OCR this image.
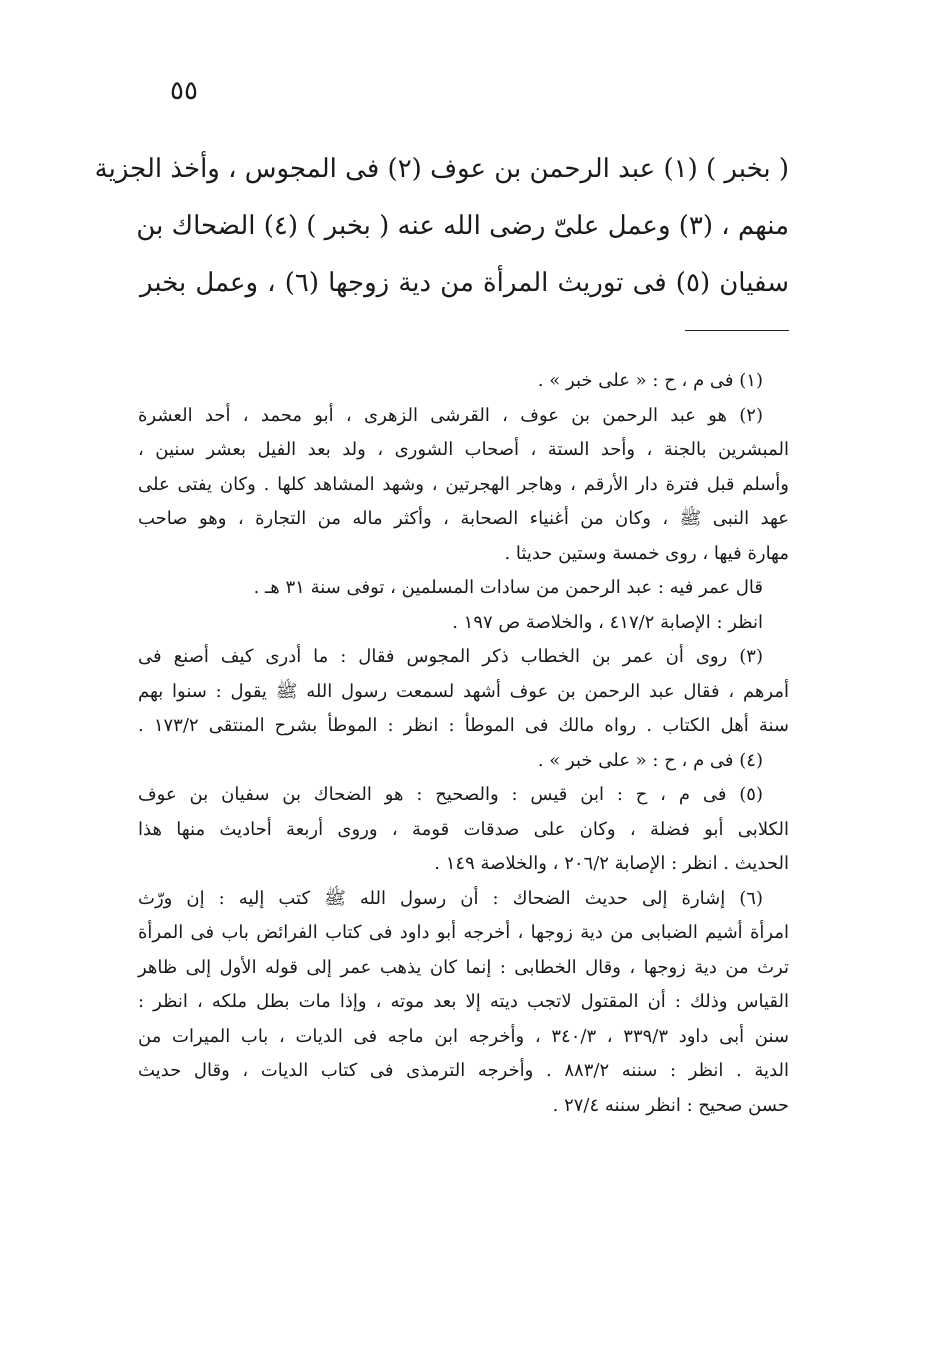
٥٥
( بخبر ) (١) عبد الرحمن بن عوف (٢) فى المجوس ، وأخذ الجزية
منهم ، (٣) وعمل علىّ رضى الله عنه ( بخبر ) (٤) الضحاك بن
سفيان (٥) فى توريث المرأة من دية زوجها (٦) ، وعمل بخبر
(١) فى م ، ح : « على خبر » .
(٢) هو عبد الرحمن بن عوف ، القرشى الزهرى ، أبو محمد ، أحد العشرة
المبشرين بالجنة ، وأحد الستة ، أصحاب الشورى ، ولد بعد الفيل بعشر سنين ،
وأسلم قبل فترة دار الأرقم ، وهاجر الهجرتين ، وشهد المشاهد كلها . وكان يفتى على
عهد النبى ﷺ ، وكان من أغنياء الصحابة ، وأكثر ماله من التجارة ، وهو صاحب
مهارة فيها ، روى خمسة وستين حديثا .
قال عمر فيه : عبد الرحمن من سادات المسلمين ، توفى سنة ٣١ هـ .
انظر : الإصابة ٤١٧/٢ ، والخلاصة ص ١٩٧ .
(٣) روى أن عمر بن الخطاب ذكر المجوس فقال : ما أدرى كيف أصنع فى
أمرهم ، فقال عبد الرحمن بن عوف أشهد لسمعت رسول الله ﷺ يقول : سنوا بهم
سنة أهل الكتاب . رواه مالك فى الموطأ : انظر : الموطأ بشرح المنتقى ١٧٣/٢ .
(٤) فى م ، ح : « على خبر » .
(٥) فى م ، ح : ابن قيس : والصحيح : هو الضحاك بن سفيان بن عوف
الكلابى أبو فضلة ، وكان على صدقات قومة ، وروى أربعة أحاديث منها هذا
الحديث . انظر : الإصابة ٢٠٦/٢ ، والخلاصة ١٤٩ .
(٦) إشارة إلى حديث الضحاك : أن رسول الله ﷺ كتب إليه : إن ورّث
امرأة أشيم الضبابى من دية زوجها ، أخرجه أبو داود فى كتاب الفرائض باب فى المرأة
ترث من دية زوجها ، وقال الخطابى : إنما كان يذهب عمر إلى قوله الأول إلى ظاهر
القياس وذلك : أن المقتول لاتجب ديته إلا بعد موته ، وإذا مات بطل ملكه ، انظر :
سنن أبى داود ٣٣٩/٣ ، ٣٤٠/٣ ، وأخرجه ابن ماجه فى الديات ، باب الميرات من
الدية . انظر : سننه ٨٨٣/٢ . وأخرجه الترمذى فى كتاب الديات ، وقال حديث
حسن صحيح : انظر سننه ٢٧/٤ .
